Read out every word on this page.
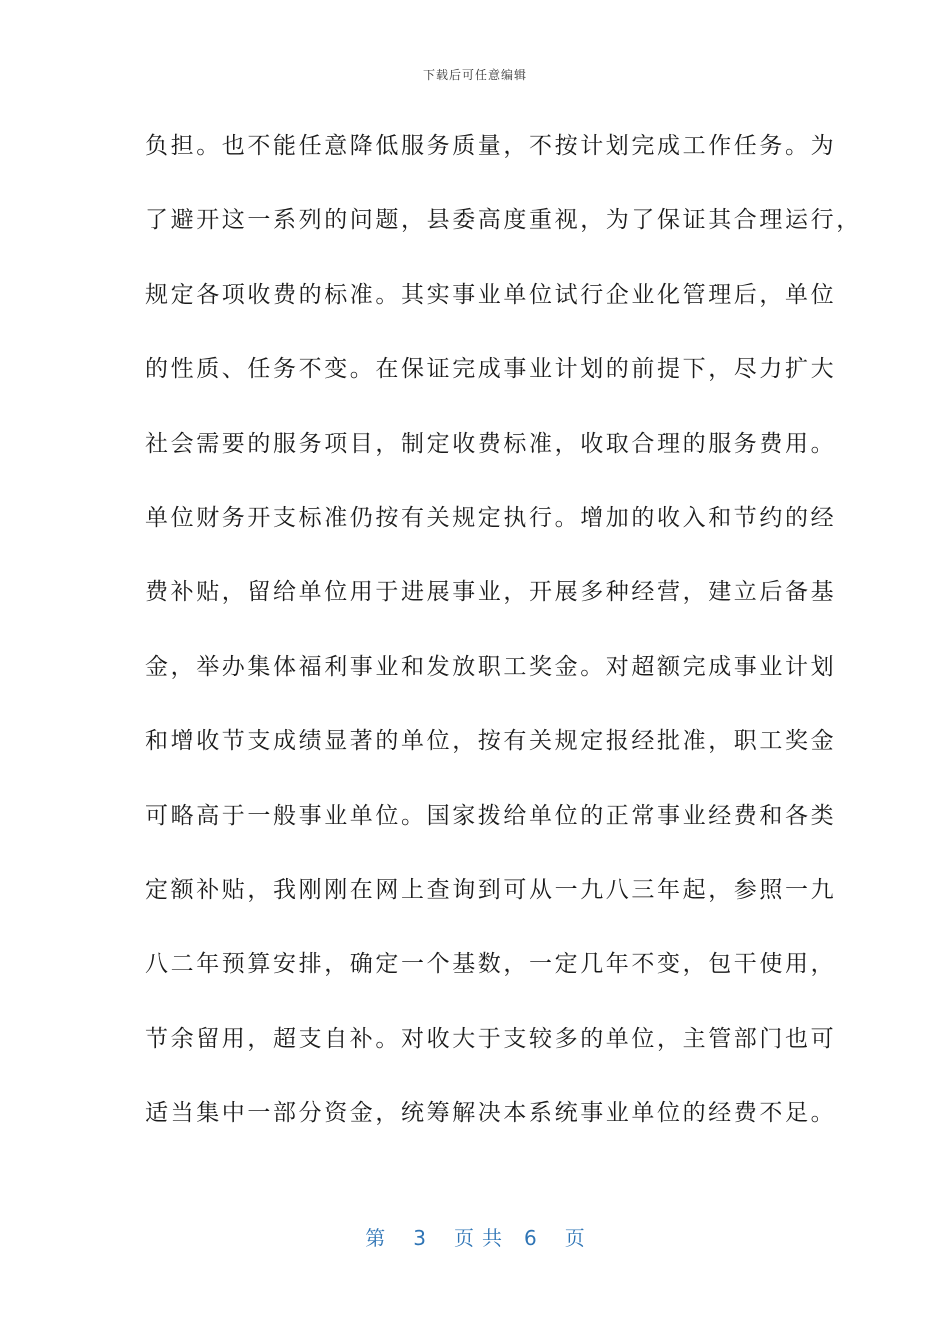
下载后可任意编辑
负担。也不能任意降低服务质量，不按计划完成工作任务。为
了避开这一系列的问题，县委高度重视，为了保证其合理运行，
规定各项收费的标准。其实事业单位试行企业化管理后，单位
的性质、任务不变。在保证完成事业计划的前提下，尽力扩大
社会需要的服务项目，制定收费标准，收取合理的服务费用。
单位财务开支标准仍按有关规定执行。增加的收入和节约的经
费补贴，留给单位用于进展事业，开展多种经营，建立后备基
金，举办集体福利事业和发放职工奖金。对超额完成事业计划
和增收节支成绩显著的单位，按有关规定报经批准，职工奖金
可略高于一般事业单位。国家拨给单位的正常事业经费和各类
定额补贴，我刚刚在网上查询到可从一九八三年起，参照一九
八二年预算安排，确定一个基数，一定几年不变，包干使用，
节余留用，超支自补。对收大于支较多的单位，主管部门也可
适当集中一部分资金，统筹解决本系统事业单位的经费不足。
第 3 页共 6 页
